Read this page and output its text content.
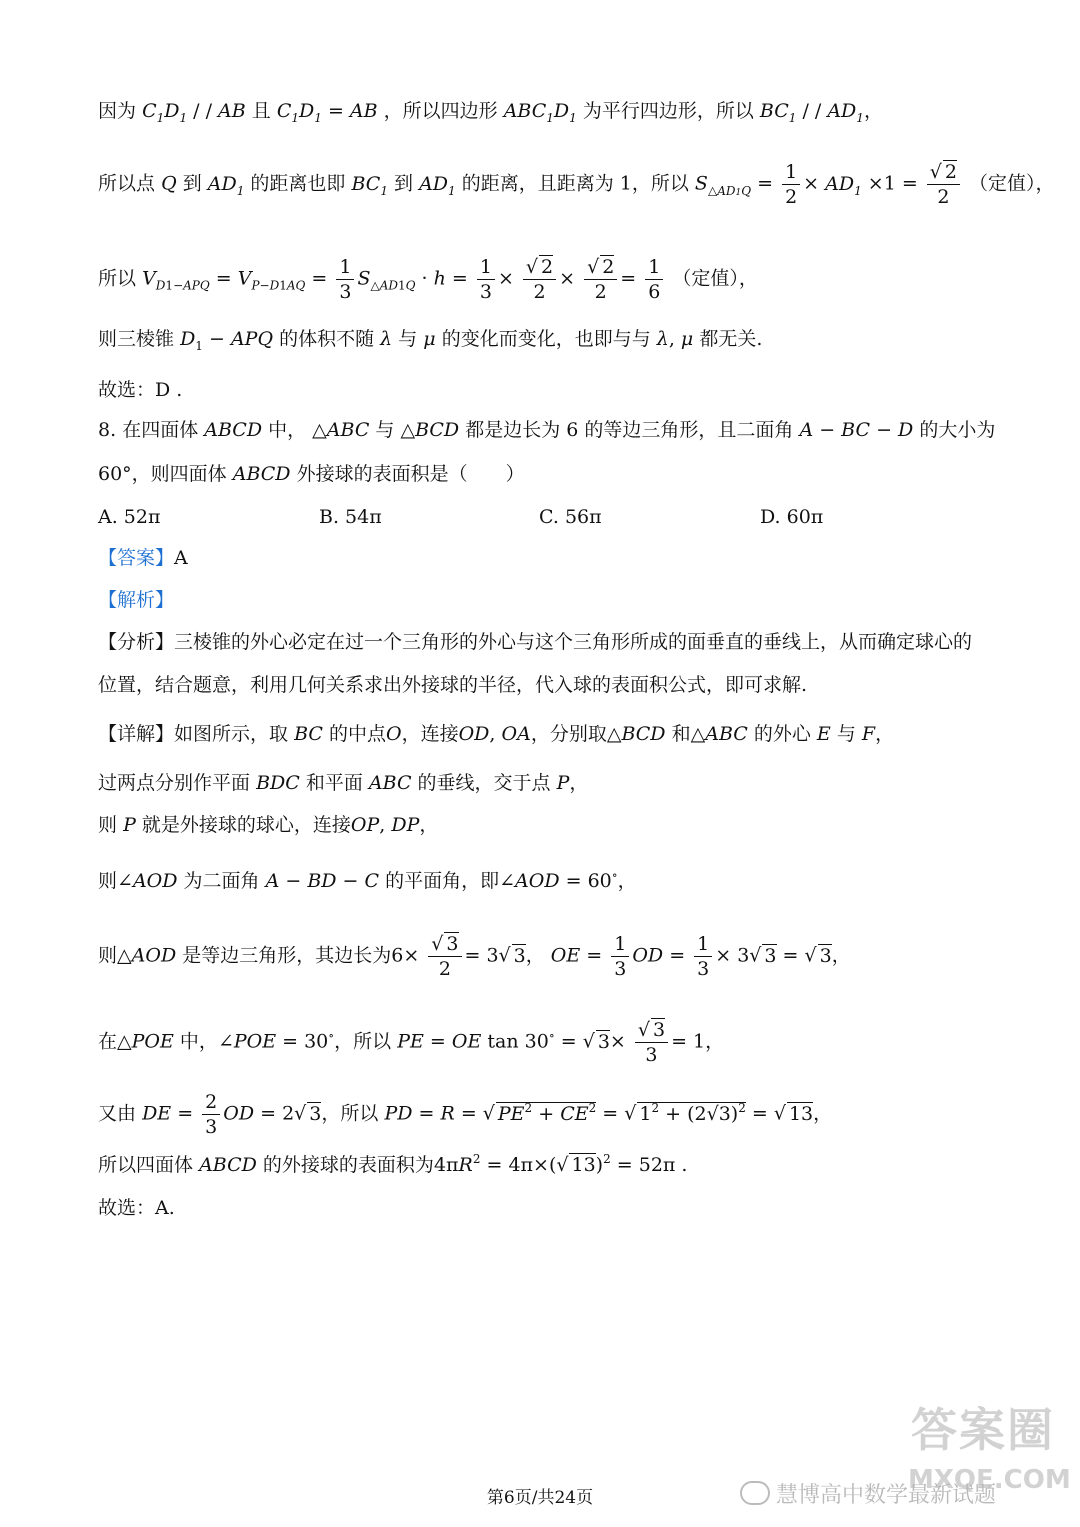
因为 $C_1D_1$ / / AB 且 $C_1D_1$ = AB ，所以四边形 $ABC_1D_1$ 为平行四边形，所以 $BC_1$ / / $AD_1$，
所以点 Q 到 $AD_1$ 的距离也即 $BC_1$ 到 $AD_1$ 的距离，且距离为 1，所以 $S_{\triangle AD1Q} = \frac{1}{2} \times AD_1 \times 1 = \frac{√ 2}{2}$ （定值），
所以 $V_{D1-APQ} = V_{P-D1AQ} = \frac{1}{3} S_{\triangle AD1Q} \cdot h = \frac{1}{3} \times \frac{√ 2}{2} \times \frac{√ 2}{2} = \frac{1}{6}$ （定值），
则三棱锥 $D_1$ − APQ 的体积不随 λ 与 μ 的变化而变化，也即与与 λ, μ 都无关.
故选：D .
8. 在四面体 ABCD 中， △ABC 与 △BCD 都是边长为 6 的等边三角形，且二面角 A − BC − D 的大小为
60°，则四面体 ABCD 外接球的表面积是（　　）
A. 52π	B. 54π	C. 56π	D. 60π
【答案】A
【解析】
【分析】三棱锥的外心必定在过一个三角形的外心与这个三角形所成的面垂直的垂线上，从而确定球心的
位置，结合题意，利用几何关系求出外接球的半径，代入球的表面积公式，即可求解.
【详解】如图所示，取 BC 的中点O，连接OD, OA，分别取△BCD 和△ABC 的外心 E 与 F，
过两点分别作平面 BDC 和平面 ABC 的垂线，交于点 P，
则 P 就是外接球的球心，连接OP, DP，
则∠AOD 为二面角 A − BD − C 的平面角，即∠AOD = 60∘，
则△AOD 是等边三角形，其边长为$6\times \frac{√ 3}{2} = 3√$ 3， OE = $\frac{1}{3}$ OD = $\frac{1}{3} \times 3√$ 3 = √ 3，
在△POE 中，∠POE = 30∘，所以 PE = OE tan 30∘ = √ $3\times \frac{√ 3}{3} = 1$，
又由 DE = $\frac{2}{3}$ OD = 2√ 3，所以 PD = R = √ $PE^2 + CE^2$ = √ $1^2 + (2√3)^2$ = √ 13，
所以四面体 ABCD 的外接球的表面积为$4\pi R^2 = 4\pi\times(√$ 13)$^2$ = 52π .
故选：A.
答案圈
MXQE.COM
慧博高中数学最新试题
第6页/共24页
